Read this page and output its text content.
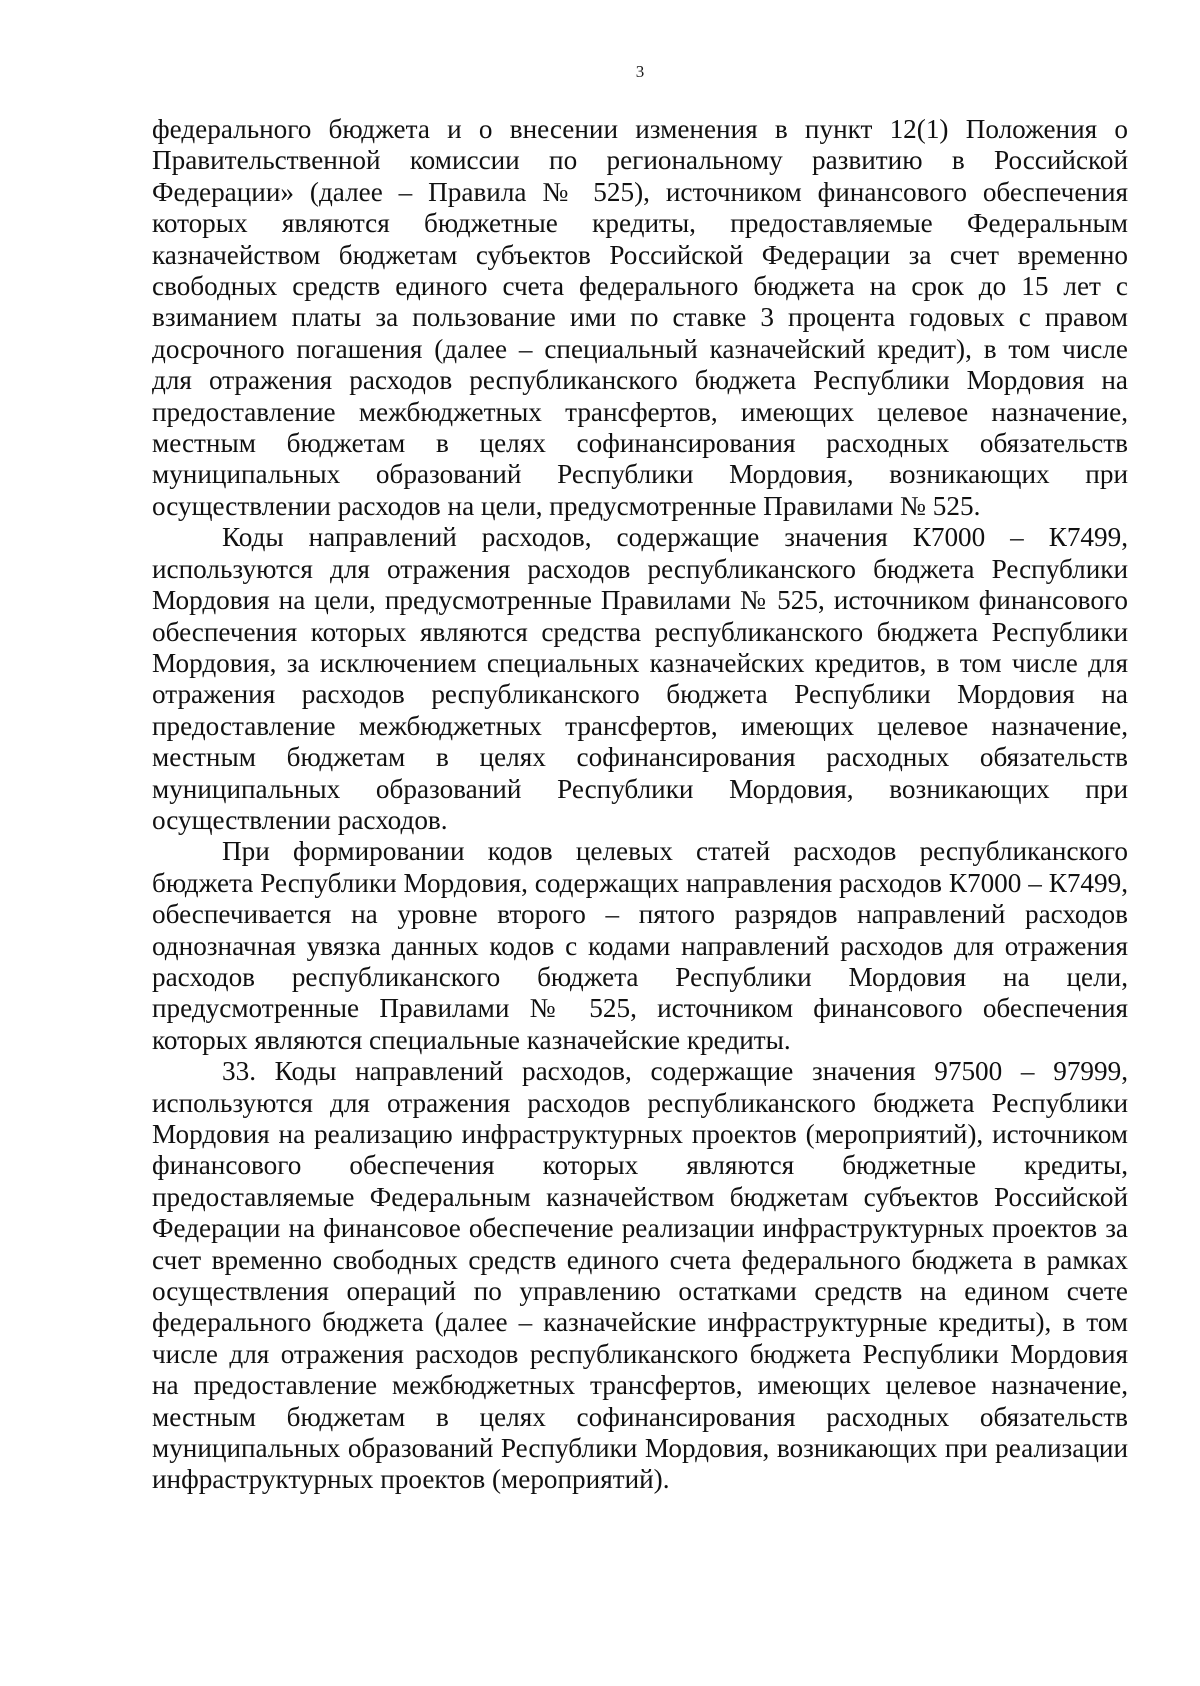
3

федерального бюджета и о внесении изменения в пункт 12(1) Положения о Правительственной комиссии по региональному развитию в Российской Федерации» (далее – Правила № 525), источником финансового обеспечения которых являются бюджетные кредиты, предоставляемые Федеральным казначейством бюджетам субъектов Российской Федерации за счет временно свободных средств единого счета федерального бюджета на срок до 15 лет с взиманием платы за пользование ими по ставке 3 процента годовых с правом досрочного погашения (далее – специальный казначейский кредит), в том числе для отражения расходов республиканского бюджета Республики Мордовия на предоставление межбюджетных трансфертов, имеющих целевое назначение, местным бюджетам в целях софинансирования расходных обязательств муниципальных образований Республики Мордовия, возникающих при осуществлении расходов на цели, предусмотренные Правилами № 525.

Коды направлений расходов, содержащие значения К7000 – К7499, используются для отражения расходов республиканского бюджета Республики Мордовия на цели, предусмотренные Правилами № 525, источником финансового обеспечения которых являются средства республиканского бюджета Республики Мордовия, за исключением специальных казначейских кредитов, в том числе для отражения расходов республиканского бюджета Республики Мордовия на предоставление межбюджетных трансфертов, имеющих целевое назначение, местным бюджетам в целях софинансирования расходных обязательств муниципальных образований Республики Мордовия, возникающих при осуществлении расходов.

При формировании кодов целевых статей расходов республиканского бюджета Республики Мордовия, содержащих направления расходов К7000 – К7499, обеспечивается на уровне второго – пятого разрядов направлений расходов однозначная увязка данных кодов с кодами направлений расходов для отражения расходов республиканского бюджета Республики Мордовия на цели, предусмотренные Правилами № 525, источником финансового обеспечения которых являются специальные казначейские кредиты.

33. Коды направлений расходов, содержащие значения 97500 – 97999, используются для отражения расходов республиканского бюджета Республики Мордовия на реализацию инфраструктурных проектов (мероприятий), источником финансового обеспечения которых являются бюджетные кредиты, предоставляемые Федеральным казначейством бюджетам субъектов Российской Федерации на финансовое обеспечение реализации инфраструктурных проектов за счет временно свободных средств единого счета федерального бюджета в рамках осуществления операций по управлению остатками средств на едином счете федерального бюджета (далее – казначейские инфраструктурные кредиты), в том числе для отражения расходов республиканского бюджета Республики Мордовия на предоставление межбюджетных трансфертов, имеющих целевое назначение, местным бюджетам в целях софинансирования расходных обязательств муниципальных образований Республики Мордовия, возникающих при реализации инфраструктурных проектов (мероприятий).
